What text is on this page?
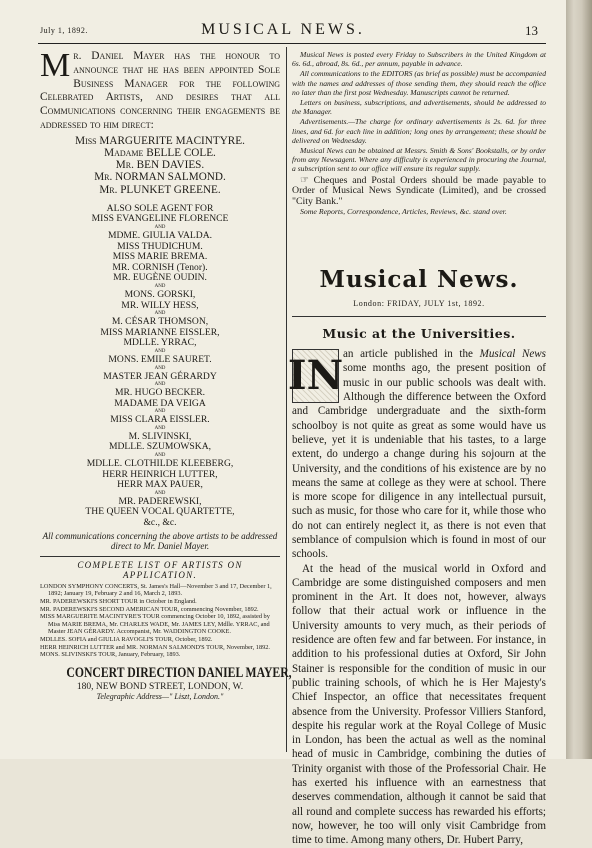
July 1, 1892.	MUSICAL NEWS.	13
Mr. Daniel Mayer has the honour to announce that he has been appointed Sole Business Manager for the following Celebrated Artists, and desires that all Communications concerning their engagements be addressed to him direct:
Miss MARGUERITE MACINTYRE.
Madame BELLE COLE.
Mr. BEN DAVIES.
Mr. NORMAN SALMOND.
Mr. PLUNKET GREENE.
ALSO SOLE AGENT FOR
MISS EVANGELINE FLORENCE
AND
MDME. GIULIA VALDA.
MISS THUDICHUM.
MISS MARIE BREMA.
MR. CORNISH (Tenor).
MR. EUGÈNE OUDIN.
AND
MONS. GORSKI,
MR. WILLY HESS,
AND
M. CÉSAR THOMSON,
MISS MARIANNE EISSLER,
MDLLE. YRRAC,
AND
MONS. EMILE SAURET.
AND
MASTER JEAN GÉRARDY
AND
MR. HUGO BECKER.
MADAME DA VEIGA
AND
MISS CLARA EISSLER.
AND
M. SLIVINSKI,
MDLLE. SZUMOWSKA,
AND
MDLLE. CLOTHILDE KLEEBERG,
HERR HEINRICH LUTTER,
HERR MAX PAUER,
AND
MR. PADEREWSKI,
THE QUEEN VOCAL QUARTETTE,
&c., &c.
All communications concerning the above artists to be addressed direct to Mr. Daniel Mayer.
COMPLETE LIST OF ARTISTS ON APPLICATION.
LONDON SYMPHONY CONCERTS, St. James's Hall—November 3 and 17, December 1, 1892; January 19, February 2 and 16, March 2, 1893.
MR. PADEREWSKI'S SHORT TOUR in October in England.
MR. PADEREWSKI'S SECOND AMERICAN TOUR, commencing November, 1892.
MISS MARGUERITE MACINTYRE'S TOUR commencing October 10, 1892, assisted by Miss MARIE BREMA, Mr. CHARLES WADE, Mr. JAMES LEY, Mdlle. YRRAC, and Master JEAN GÉRARDY. Accompanist, Mr. WADDINGTON COOKE.
MDLLES. SOFIA and GIULIA RAVOGLI'S TOUR, October, 1892.
HERR HEINRICH LUTTER and MR. NORMAN SALMOND'S TOUR, November, 1892.
MONS. SLIVINSKI'S TOUR, January, February, 1893.
CONCERT DIRECTION DANIEL MAYER,
180, NEW BOND STREET, LONDON, W.
Telegraphic Address—" Liszt, London."

Musical News is posted every Friday to Subscribers in the United Kingdom at 6s. 6d., abroad, 8s. 6d., per annum, payable in advance.

All communications to the EDITORS (as brief as possible) must be accompanied with the names and addresses of those sending them, they should reach the office no later than the first post Wednesday. Manuscripts cannot be returned.

Letters on business, subscriptions, and advertisements, should be addressed to the Manager.

Advertisements.—The charge for ordinary advertisements is 2s. 6d. for three lines, and 6d. for each line in addition; long ones by arrangement; these should be delivered on Wednesday.

Musical News can be obtained at Messrs. Smith & Sons' Bookstalls, or by order from any Newsagent. Where any difficulty is experienced in procuring the Journal, a subscription sent to our office will ensure its regular supply.

☞ Cheques and Postal Orders should be made payable to Order of Musical News Syndicate (Limited), and be crossed "City Bank."

Some Reports, Correspondence, Articles, Reviews, &c. stand over.

Musical News.
London: FRIDAY, JULY 1st, 1892.
Music at the Universities.

IN an article published in the Musical News some months ago, the present position of music in our public schools was dealt with. Although the difference between the Oxford and Cambridge undergraduate and the sixth-form schoolboy is not quite as great as some would have us believe, yet it is undeniable that his tastes, to a large extent, do undergo a change during his sojourn at the University, and the conditions of his existence are by no means the same at college as they were at school. There is more scope for diligence in any intellectual pursuit, such as music, for those who care for it, while those who do not can entirely neglect it, as there is not even that semblance of compulsion which is found in most of our schools.

At the head of the musical world in Oxford and Cambridge are some distinguished composers and men prominent in the Art. It does not, however, always follow that their actual work or influence in the University amounts to very much, as their periods of residence are often few and far between. For instance, in addition to his professional duties at Oxford, Sir John Stainer is responsible for the condition of music in our public training schools, of which he is Her Majesty's Chief Inspector, an office that necessitates frequent absence from the University. Professor Villiers Stanford, despite his regular work at the Royal College of Music in London, has been the actual as well as the nominal head of music in Cambridge, combining the duties of Trinity organist with those of the Professorial Chair. He has exerted his influence with an earnestness that deserves commendation, although it cannot be said that all round and complete success has rewarded his efforts; now, however, he too will only visit Cambridge from time to time. Among many others, Dr. Hubert Parry,
